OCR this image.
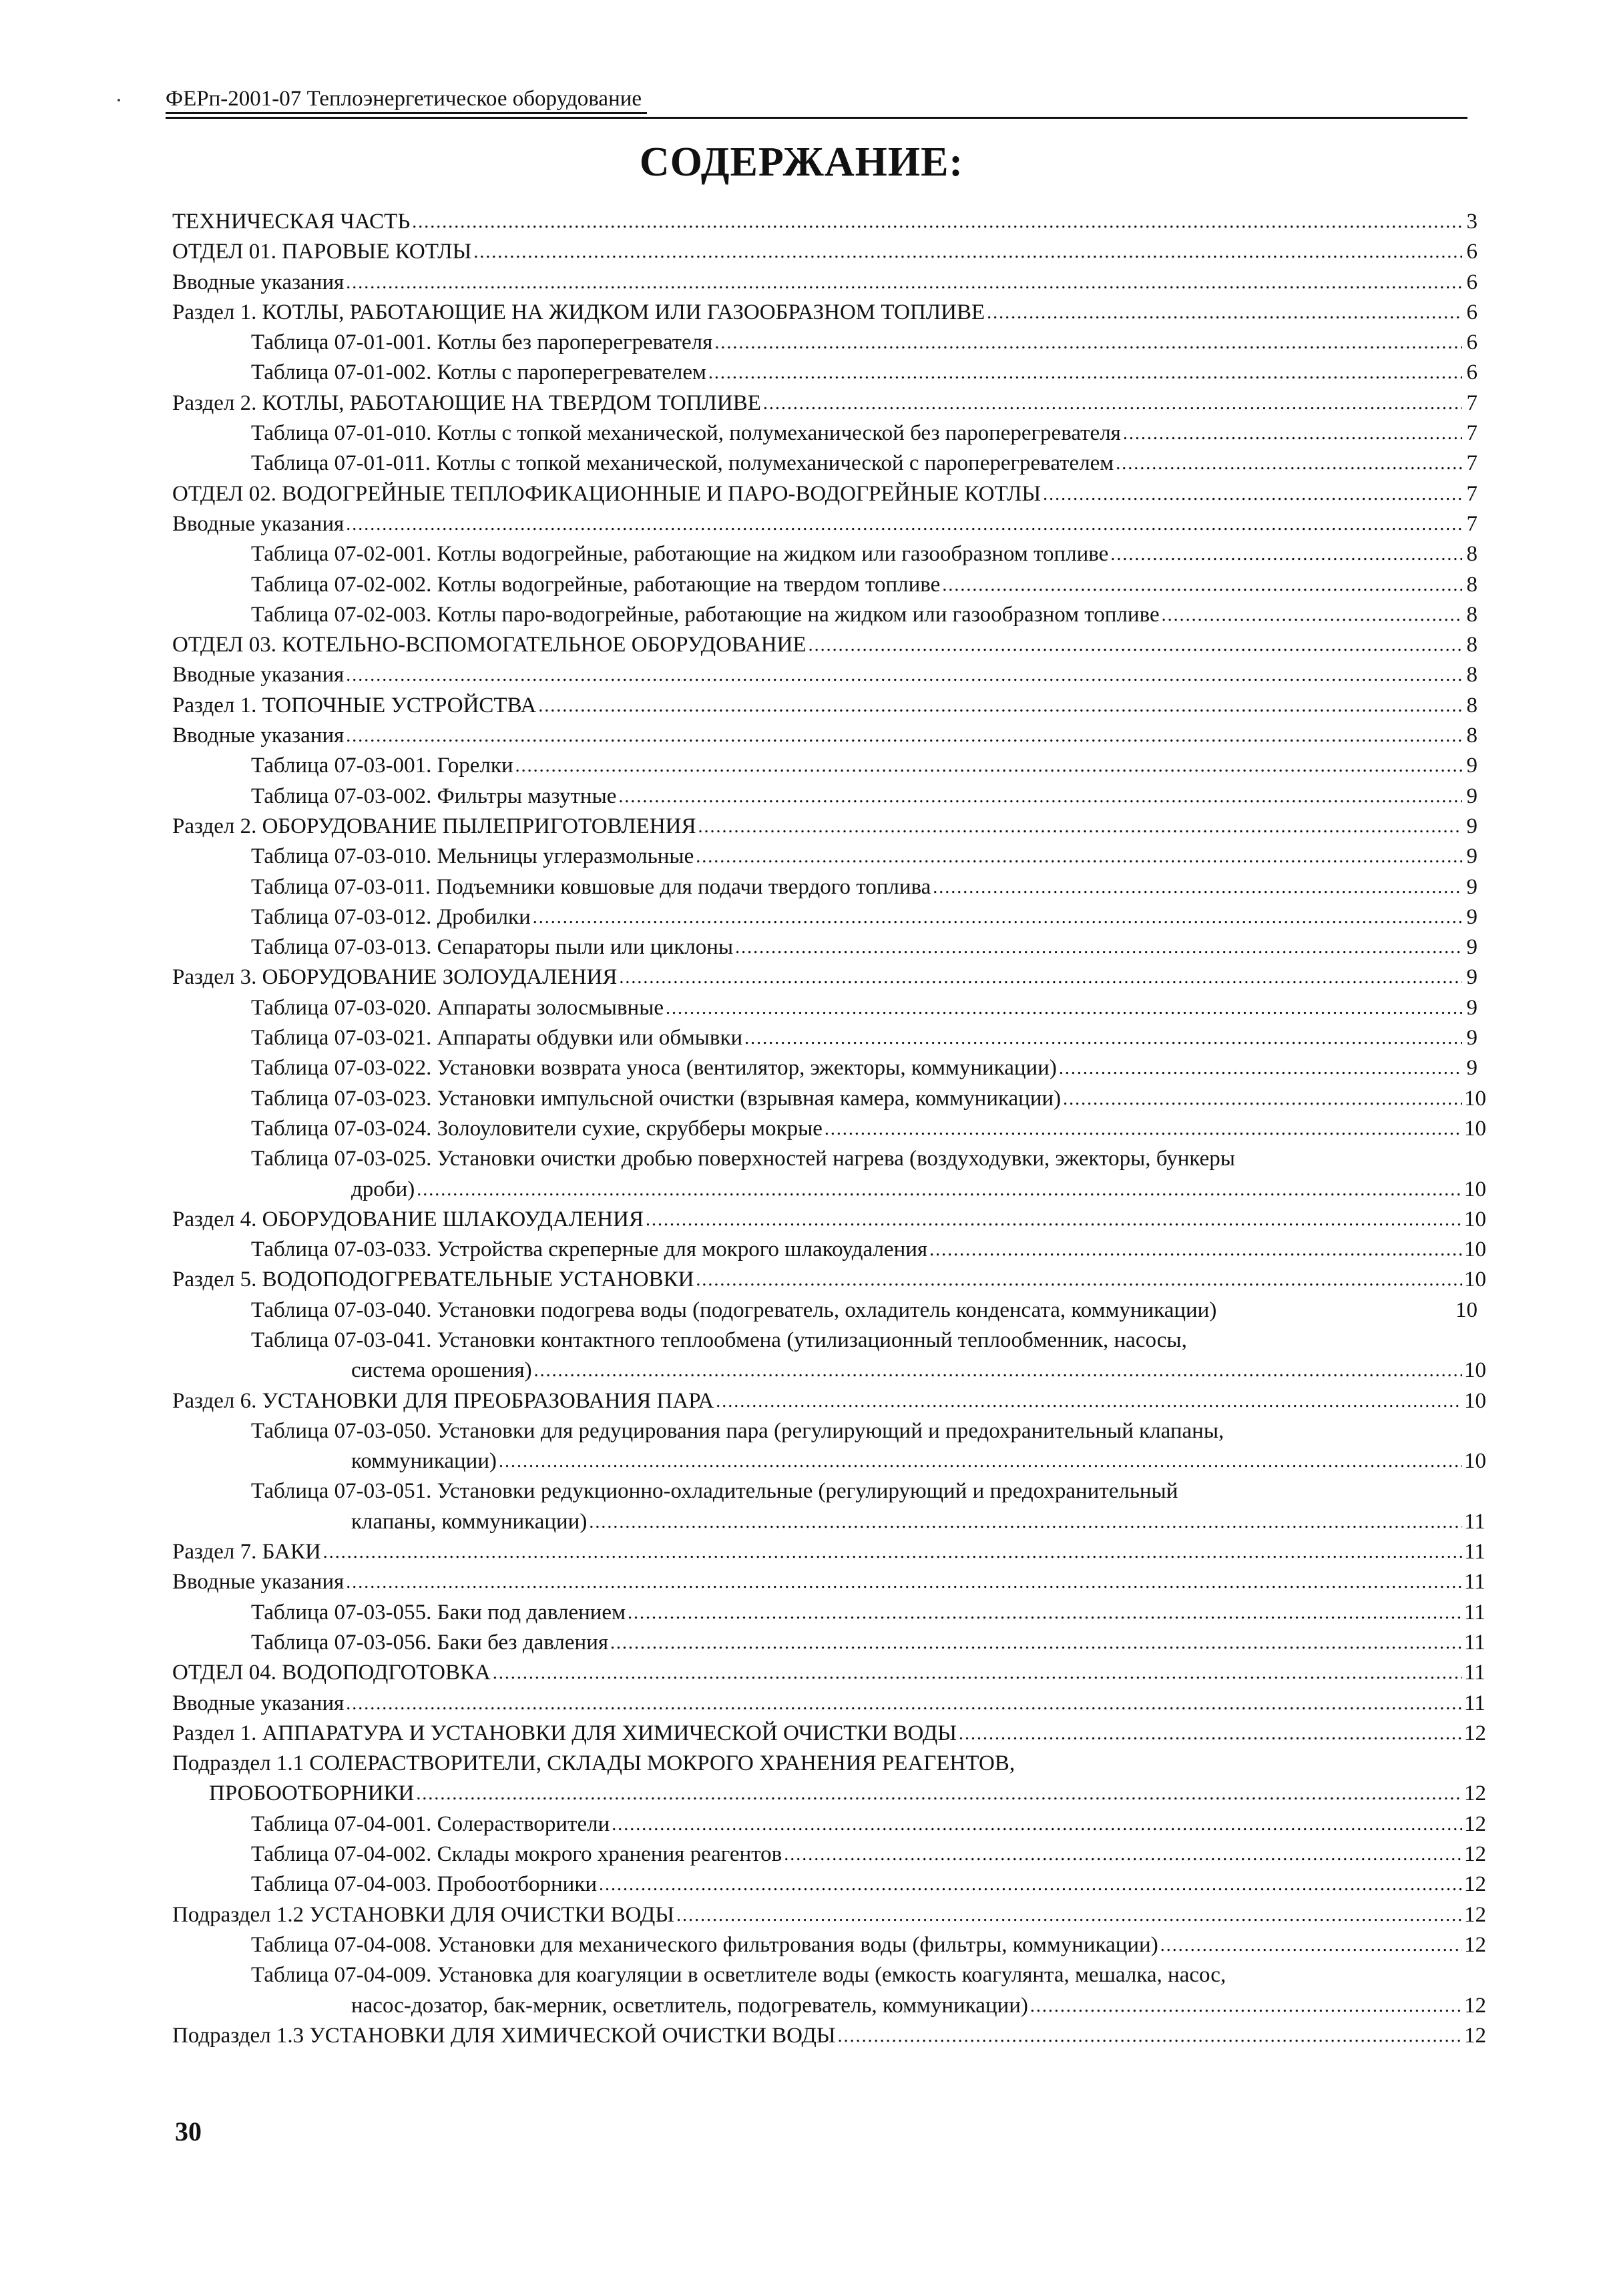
ФЕРп-2001-07 Теплоэнергетическое оборудование
СОДЕРЖАНИЕ:
ТЕХНИЧЕСКАЯ ЧАСТЬ .....	3
ОТДЕЛ 01. ПАРОВЫЕ КОТЛЫ .....	6
Вводные указания .....	6
Раздел 1. КОТЛЫ, РАБОТАЮЩИЕ НА ЖИДКОМ ИЛИ ГАЗООБРАЗНОМ ТОПЛИВЕ .....	6
Таблица 07-01-001. Котлы без пароперегревателя .....	6
Таблица 07-01-002. Котлы с пароперегревателем .....	6
Раздел 2. КОТЛЫ, РАБОТАЮЩИЕ НА ТВЕРДОМ ТОПЛИВЕ .....	7
Таблица 07-01-010. Котлы с топкой механической, полумеханической без пароперегревателя .....	7
Таблица 07-01-011. Котлы с топкой механической, полумеханической с пароперегревателем .....	7
ОТДЕЛ 02. ВОДОГРЕЙНЫЕ ТЕПЛОФИКАЦИОННЫЕ И ПАРО-ВОДОГРЕЙНЫЕ КОТЛЫ .....	7
Вводные указания .....	7
Таблица 07-02-001. Котлы водогрейные, работающие на жидком или газообразном топливе .....	8
Таблица 07-02-002. Котлы водогрейные, работающие на твердом топливе .....	8
Таблица 07-02-003. Котлы паро-водогрейные, работающие на жидком или газообразном топливе .....	8
ОТДЕЛ 03. КОТЕЛЬНО-ВСПОМОГАТЕЛЬНОЕ ОБОРУДОВАНИЕ .....	8
Вводные указания .....	8
Раздел 1. ТОПОЧНЫЕ УСТРОЙСТВА .....	8
Вводные указания .....	8
Таблица 07-03-001. Горелки .....	9
Таблица 07-03-002. Фильтры мазутные .....	9
Раздел 2. ОБОРУДОВАНИЕ ПЫЛЕПРИГОТОВЛЕНИЯ .....	9
Таблица 07-03-010. Мельницы углеразмольные .....	9
Таблица 07-03-011. Подъемники ковшовые для подачи твердого топлива .....	9
Таблица 07-03-012. Дробилки .....	9
Таблица 07-03-013. Сепараторы пыли или циклоны .....	9
Раздел 3. ОБОРУДОВАНИЕ ЗОЛОУДАЛЕНИЯ .....	9
Таблица 07-03-020. Аппараты золосмывные .....	9
Таблица 07-03-021. Аппараты обдувки или обмывки .....	9
Таблица 07-03-022. Установки возврата уноса (вентилятор, эжекторы, коммуникации) .....	9
Таблица 07-03-023. Установки импульсной очистки (взрывная камера, коммуникации) .....	10
Таблица 07-03-024. Золоуловители сухие, скрубберы мокрые .....	10
Таблица 07-03-025. Установки очистки дробью поверхностей нагрева (воздуходувки, эжекторы, бункеры
дроби) .....	10
Раздел 4. ОБОРУДОВАНИЕ ШЛАКОУДАЛЕНИЯ .....	10
Таблица 07-03-033. Устройства скреперные для мокрого шлакоудаления .....	10
Раздел 5. ВОДОПОДОГРЕВАТЕЛЬНЫЕ УСТАНОВКИ .....	10
Таблица 07-03-040. Установки подогрева воды (подогреватель, охладитель конденсата, коммуникации)	10
Таблица 07-03-041. Установки контактного теплообмена (утилизационный теплообменник, насосы,
система орошения) .....	10
Раздел 6. УСТАНОВКИ ДЛЯ ПРЕОБРАЗОВАНИЯ ПАРА .....	10
Таблица 07-03-050. Установки для редуцирования пара (регулирующий и предохранительный клапаны,
коммуникации) .....	10
Таблица 07-03-051. Установки редукционно-охладительные (регулирующий и предохранительный
клапаны, коммуникации) .....	11
Раздел 7. БАКИ .....	11
Вводные указания .....	11
Таблица 07-03-055. Баки под давлением .....	11
Таблица 07-03-056. Баки без давления .....	11
ОТДЕЛ 04. ВОДОПОДГОТОВКА .....	11
Вводные указания .....	11
Раздел 1. АППАРАТУРА И УСТАНОВКИ ДЛЯ ХИМИЧЕСКОЙ ОЧИСТКИ ВОДЫ .....	12
Подраздел 1.1 СОЛЕРАСТВОРИТЕЛИ, СКЛАДЫ МОКРОГО ХРАНЕНИЯ РЕАГЕНТОВ,
ПРОБООТБОРНИКИ .....	12
Таблица 07-04-001. Солерастворители .....	12
Таблица 07-04-002. Склады мокрого хранения реагентов .....	12
Таблица 07-04-003. Пробоотборники .....	12
Подраздел 1.2 УСТАНОВКИ ДЛЯ ОЧИСТКИ ВОДЫ .....	12
Таблица 07-04-008. Установки для механического фильтрования воды (фильтры, коммуникации) .....	12
Таблица 07-04-009. Установка для коагуляции в осветлителе воды (емкость коагулянта, мешалка, насос,
насос-дозатор, бак-мерник, осветлитель, подогреватель, коммуникации) .....	12
Подраздел 1.3 УСТАНОВКИ ДЛЯ ХИМИЧЕСКОЙ ОЧИСТКИ ВОДЫ .....	12
30
